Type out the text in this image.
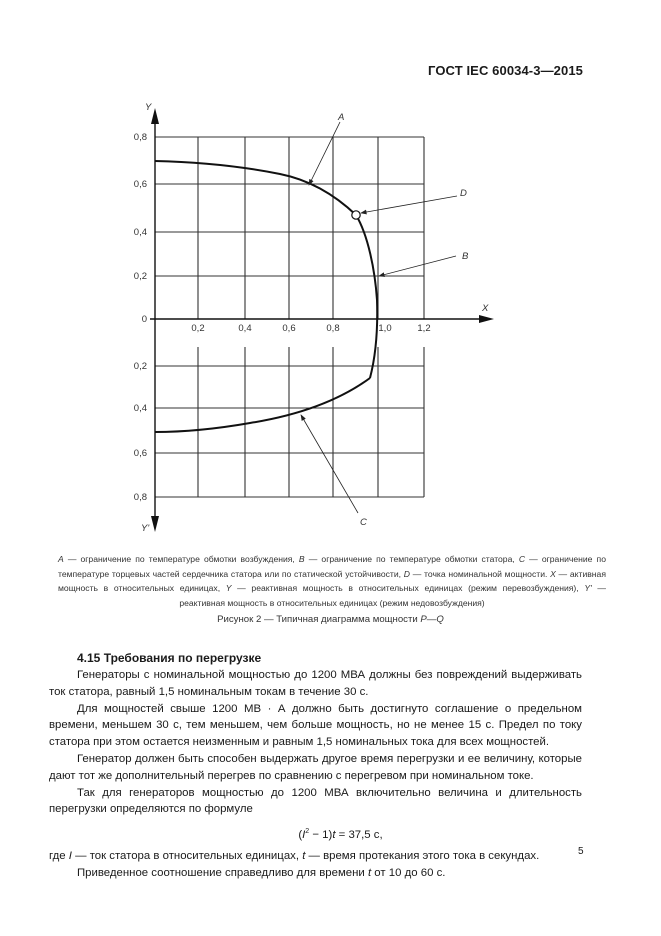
ГОСТ IEC 60034-3—2015
0,8
0,6
0,4
0,2
0
0,2
0,4
0,6
0,8
0,2	0,4	0,6	0,8	1,0	1,2
Y
X
Y'
A
D
B
C
A — ограничение по температуре обмотки возбуждения, B — ограничение по температуре обмотки статора, C — ограничение по температуре торцевых частей сердечника статора или по статической устойчивости, D — точка номинальной мощности. X — активная мощность в относительных единицах, Y — реактивная мощность в относительных единицах (режим перевозбуждения), Y' — реактивная мощность в относительных единицах (режим недовозбуждения)
Рисунок 2 — Типичная диаграмма мощности P—Q
4.15 Требования по перегрузке

Генераторы с номинальной мощностью до 1200 МВА должны без повреждений выдерживать ток статора, равный 1,5 номинальным токам в течение 30 с.

Для мощностей свыше 1200 МВ · А должно быть достигнуто соглашение о предельном времени, меньшем 30 с, тем меньшем, чем больше мощность, но не менее 15 с. Предел по току статора при этом остается неизменным и равным 1,5 номинальных тока для всех мощностей.

Генератор должен быть способен выдержать другое время перегрузки и ее величину, которые дают тот же дополнительный перегрев по сравнению с перегревом при номинальном токе.

Так для генераторов мощностью до 1200 МВА включительно величина и длительность перегрузки определяются по формуле

$(I^2 - 1)t = 37,5$ с,

где I — ток статора в относительных единицах, t — время протекания этого тока в секундах.

Приведенное соотношение справедливо для времени t от 10 до 60 с.

5
